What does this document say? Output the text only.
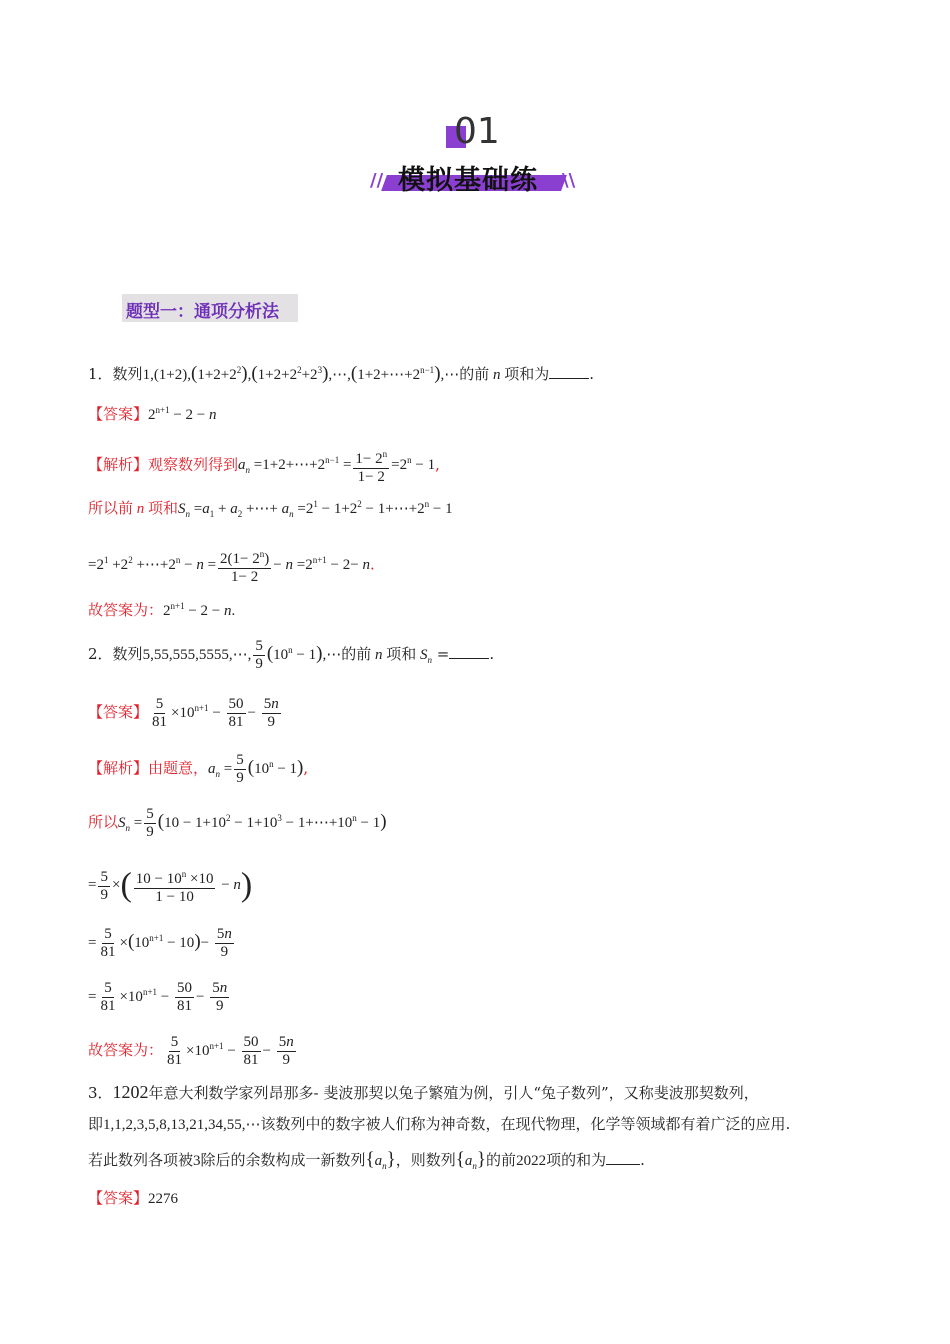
01
模拟基础练
//	\\
题型一：通项分析法
1．数列$1,(1+2),(1+2+2^2),(1+2+2^2+2^3),\cdots,(1+2+\cdots+2^{n-1}),\cdots$的前 n 项和为	.
【答案】$2^{n+1} - 2 - n$
【解析】观察数列得到$a_n$ $=1+2+\cdots+2^{n-1} = \frac{1- 2^n}{1- 2} =2^n - 1$,
所以前 n 项和$S_n =a_1 + a_2$ +⋯+ $a_n =2^1 - 1+2^2$ − $1+\cdots+2^n - 1$
$=2^1 +2^2$ $+\cdots+2^n - n = \frac{2(1- 2^n)}{1- 2} - n =2^{n+1} - 2- n$.
故答案为：$2^{n+1} - 2 - n$.
2．数列5,55,555,5555,⋯, $\frac{5}{9} (10^n$ − 1),⋯的前 n 项和 $S_n$ =	.
【答案】 $\frac{5}{81} \times 10^{n+1} - \frac{50}{81} - \frac{5n}{9}$
【解析】由题意，$a_n = \frac{5}{9} (10^n - 1)$,
所以$S_n = \frac{5}{9} (10 - 1+10^2 - 1+10^3$ − $1+\cdots+10^n - 1$)
= $\frac{5}{9}$ ×( $\frac{10 - 10^n \times 10}{1 - 10} - n$)
= $\frac{5}{81} \times(10^{n+1} - 10)- \frac{5n}{9}$
= $\frac{5}{81} \times 10^{n+1} - \frac{50}{81} - \frac{5n}{9}$
故答案为： $\frac{5}{81} \times 10^{n+1} - \frac{50}{81} - \frac{5n}{9}$
3．1202年意大利数学家列昂那多- 斐波那契以兔子繁殖为例，引人“兔子数列”，又称斐波那契数列，
即1,1,2,3,5,8,13,21,34,55,⋯该数列中的数字被人们称为神奇数，在现代物理，化学等领域都有着广泛的应用.
若此数列各项被3除后的余数构成一新数列$\{a_n\}$，则数列$\{a_n\}$的前2022项的和为 .
【答案】2276
